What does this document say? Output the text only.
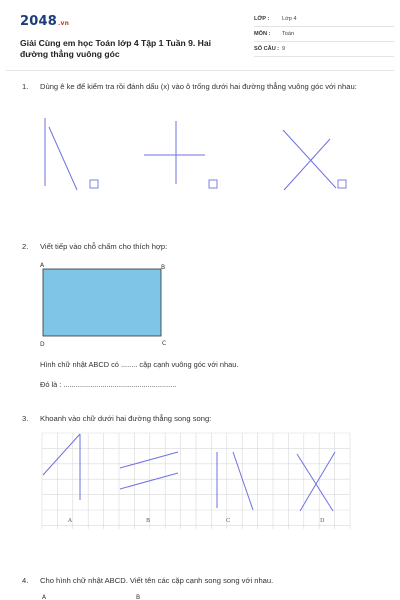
2048.vn
Giải Cùng em học Toán lớp 4 Tập 1 Tuần 9. Hai đường thẳng vuông góc
LỚP : Lớp 4
MÔN : Toán
SỐ CÂU : 9
1. Dùng ê ke để kiểm tra rồi đánh dấu (x) vào ô trống dưới hai đường thẳng vuông góc với nhau:
2. Viết tiếp vào chỗ chấm cho thích hợp:
A	B
D	C
Hình chữ nhật ABCD có ........ cặp cạnh vuông góc với nhau.
Đó là : .......................................................
3. Khoanh vào chữ dưới hai đường thẳng song song:
A	B	C	D
4. Cho hình chữ nhật ABCD. Viết tên các cặp cạnh song song với nhau.
A	B
